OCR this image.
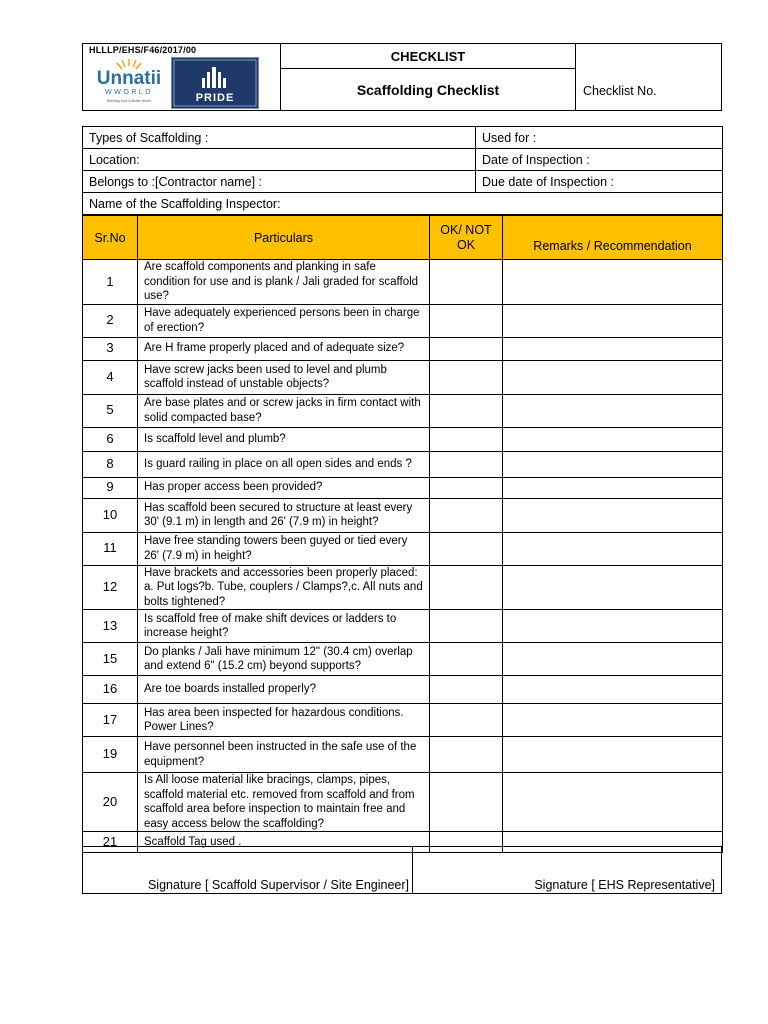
HLLLP/EHS/F46/2017/00
Unnatii
WWORLD
Building Your A Better World	PRIDE
CHECKLIST
Scaffolding Checklist	Checklist No.
Types of Scaffolding :	Used for :
Location:	Date of Inspection :
Belongs to :[Contractor name] :	Due date of Inspection :
Name of the Scaffolding Inspector:	
Sr.No	Particulars	OK/ NOT OK	Remarks / Recommendation
1	Are scaffold components and planking in safe condition for use and is plank / Jali graded for scaffold use?		
2	Have adequately experienced persons been in charge of erection?		
3	Are H frame properly placed and of adequate size?		
4	Have screw jacks been used to level and plumb scaffold instead of unstable objects?		
5	Are base plates and or screw jacks in firm contact with solid compacted base?		
6	Is scaffold level and plumb?		
8	Is guard railing in place on all open sides and ends ?		
9	Has proper access been provided?		
10	Has scaffold been secured to structure at least every 30' (9.1 m) in length and 26' (7.9 m) in height?		
11	Have free standing towers been guyed or tied every 26' (7.9 m) in height?		
12	Have brackets and accessories been properly placed: a. Put logs?b. Tube, couplers / Clamps?,c. All nuts and bolts tightened?		
13	Is scaffold free of make shift devices or ladders to increase height?		
15	Do planks / Jali have minimum 12" (30.4 cm) overlap and extend 6" (15.2 cm) beyond supports?		
16	Are toe boards installed properly?		
17	Has area been inspected for hazardous conditions. Power Lines?		
19	Have personnel been instructed in the safe use of the equipment?		
20	Is All loose material like bracings, clamps, pipes, scaffold material etc. removed from scaffold and from scaffold area before inspection to maintain free and easy access below the scaffolding?		
21	Scaffold Tag used .		
Signature [ Scaffold Supervisor / Site Engineer]	Signature [ EHS Representative]
